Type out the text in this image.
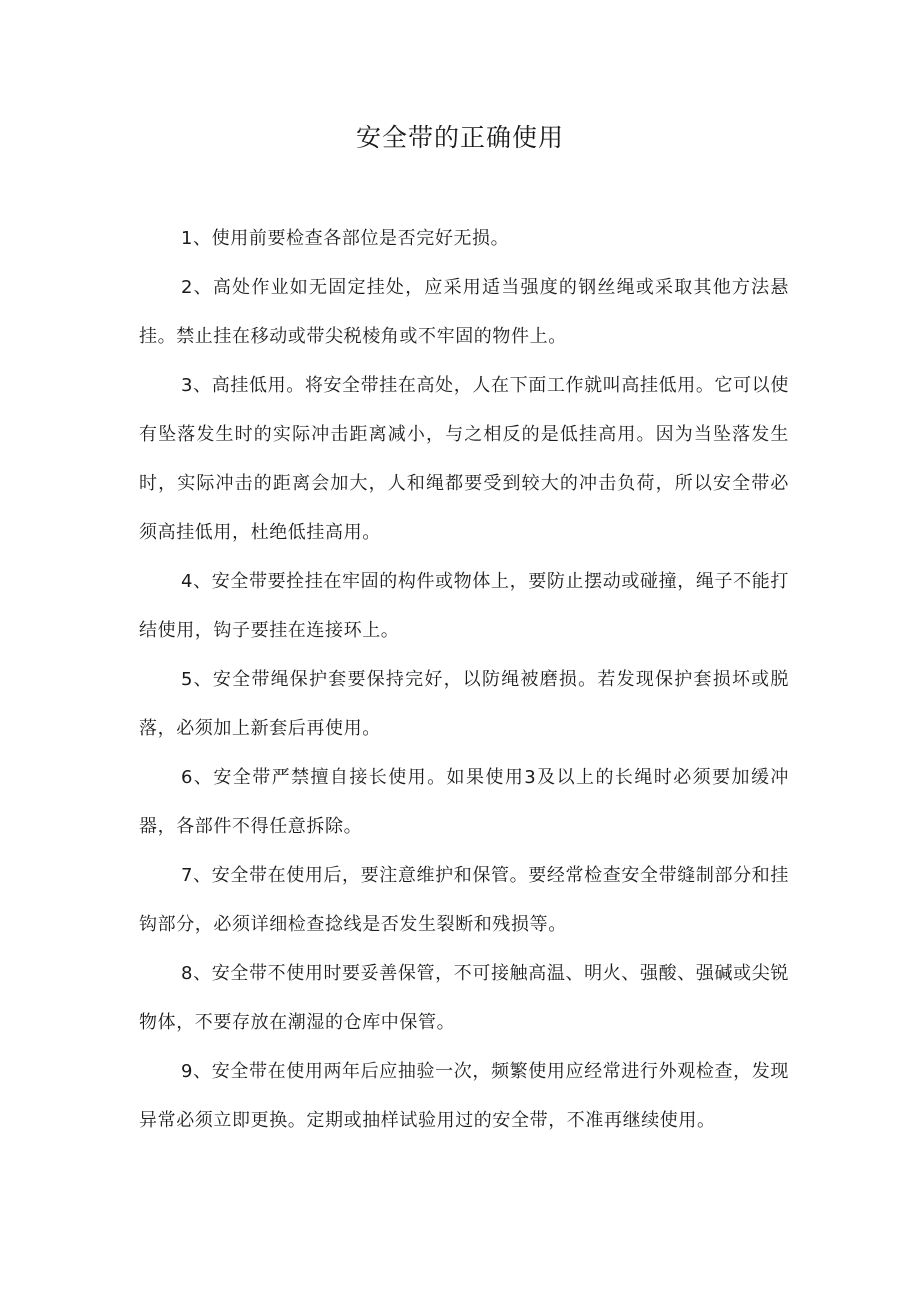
安全带的正确使用

1、使用前要检查各部位是否完好无损。

2、高处作业如无固定挂处，应采用适当强度的钢丝绳或采取其他方法悬挂。禁止挂在移动或带尖税棱角或不牢固的物件上。

3、高挂低用。将安全带挂在高处，人在下面工作就叫高挂低用。它可以使有坠落发生时的实际冲击距离减小，与之相反的是低挂高用。因为当坠落发生时，实际冲击的距离会加大，人和绳都要受到较大的冲击负荷，所以安全带必须高挂低用，杜绝低挂高用。

4、安全带要拴挂在牢固的构件或物体上，要防止摆动或碰撞，绳子不能打结使用，钩子要挂在连接环上。

5、安全带绳保护套要保持完好，以防绳被磨损。若发现保护套损坏或脱落，必须加上新套后再使用。

6、安全带严禁擅自接长使用。如果使用3及以上的长绳时必须要加缓冲器，各部件不得任意拆除。

7、安全带在使用后，要注意维护和保管。要经常检查安全带缝制部分和挂钩部分，必须详细检查捻线是否发生裂断和残损等。

8、安全带不使用时要妥善保管，不可接触高温、明火、强酸、强碱或尖锐物体，不要存放在潮湿的仓库中保管。

9、安全带在使用两年后应抽验一次，频繁使用应经常进行外观检查，发现异常必须立即更换。定期或抽样试验用过的安全带，不准再继续使用。
